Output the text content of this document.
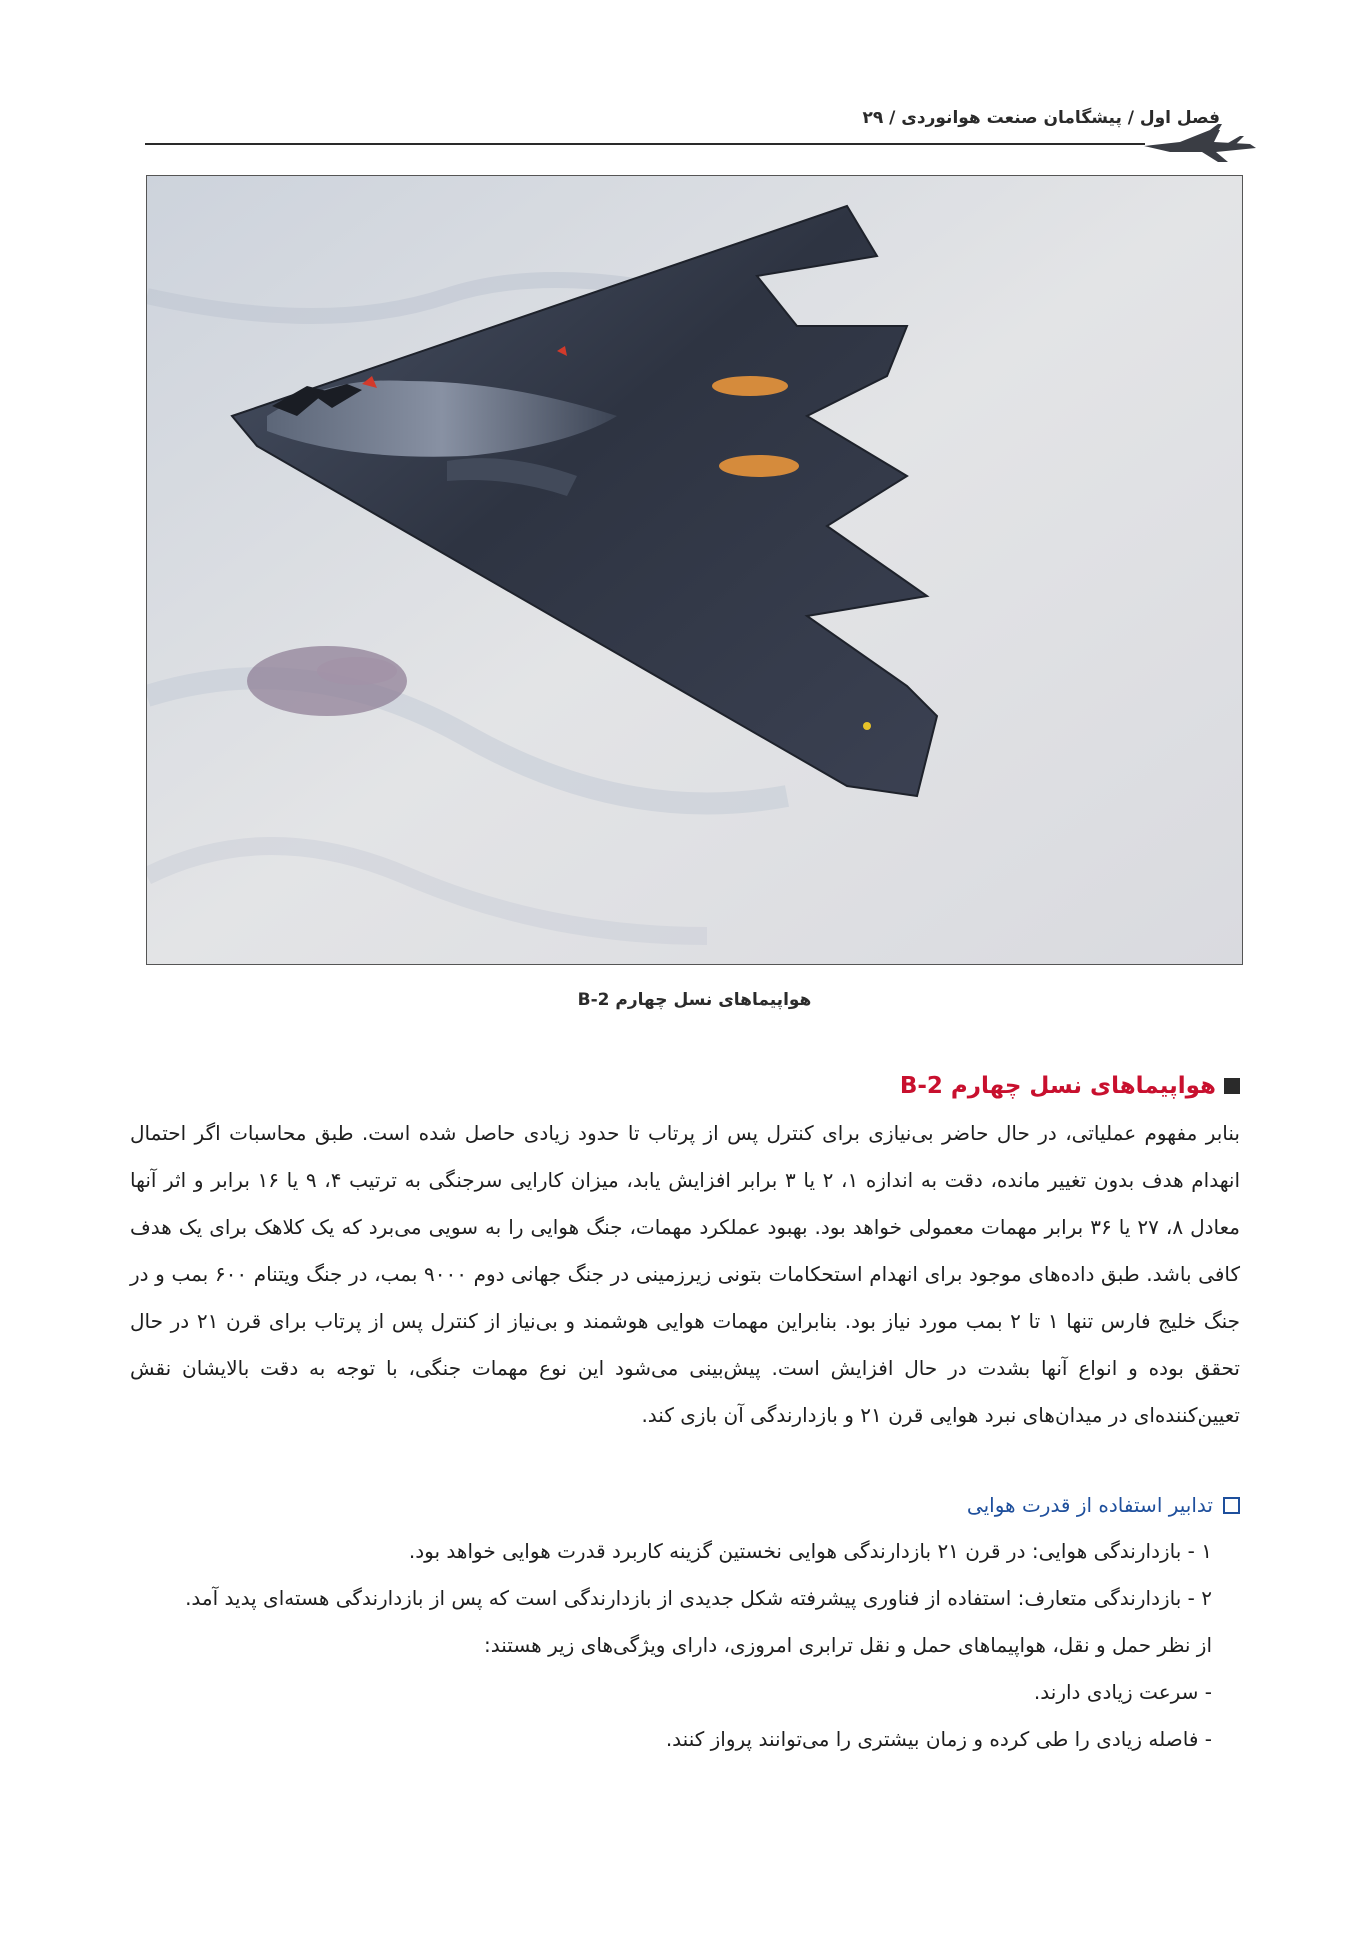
فصل اول / پیشگامان صنعت هوانوردی / ۲۹
هواپیماهای نسل چهارم B-2
هواپیماهای نسل چهارم B-2

بنابر مفهوم عملیاتی، در حال حاضر بی‌نیازی برای کنترل پس از پرتاب تا حدود زیادی حاصل شده است. طبق محاسبات اگر احتمال انهدام هدف بدون تغییر مانده، دقت به اندازه ۱، ۲ یا ۳ برابر افزایش یابد، میزان کارایی سرجنگی به ترتیب ۴، ۹ یا ۱۶ برابر و اثر آنها معادل ۸، ۲۷ یا ۳۶ برابر مهمات معمولی خواهد بود. بهبود عملکرد مهمات، جنگ هوایی را به سویی می‌برد که یک کلاهک برای یک هدف کافی باشد. طبق داده‌های موجود برای انهدام استحکامات بتونی زیرزمینی در جنگ جهانی دوم ۹۰۰۰ بمب، در جنگ ویتنام ۶۰۰ بمب و در جنگ خلیج فارس تنها ۱ تا ۲ بمب مورد نیاز بود. بنابراین مهمات هوایی هوشمند و بی‌نیاز از کنترل پس از پرتاب برای قرن ۲۱ در حال تحقق بوده و انواع آنها بشدت در حال افزایش است. پیش‌بینی می‌شود این نوع مهمات جنگی، با توجه به دقت بالایشان نقش تعیین‌کننده‌ای در میدان‌های نبرد هوایی قرن ۲۱ و بازدارندگی آن بازی کند.

تدابیر استفاده از قدرت هوایی
۱ - بازدارندگی هوایی: در قرن ۲۱ بازدارندگی هوایی نخستین گزینه کاربرد قدرت هوایی خواهد بود.
۲ - بازدارندگی متعارف: استفاده از فناوری پیشرفته شکل جدیدی از بازدارندگی است که پس از بازدارندگی هسته‌ای پدید آمد.
از نظر حمل و نقل، هواپیماهای حمل و نقل ترابری امروزی، دارای ویژگی‌های زیر هستند:
- سرعت زیادی دارند.
- فاصله زیادی را طی کرده و زمان بیشتری را می‌توانند پرواز کنند.
